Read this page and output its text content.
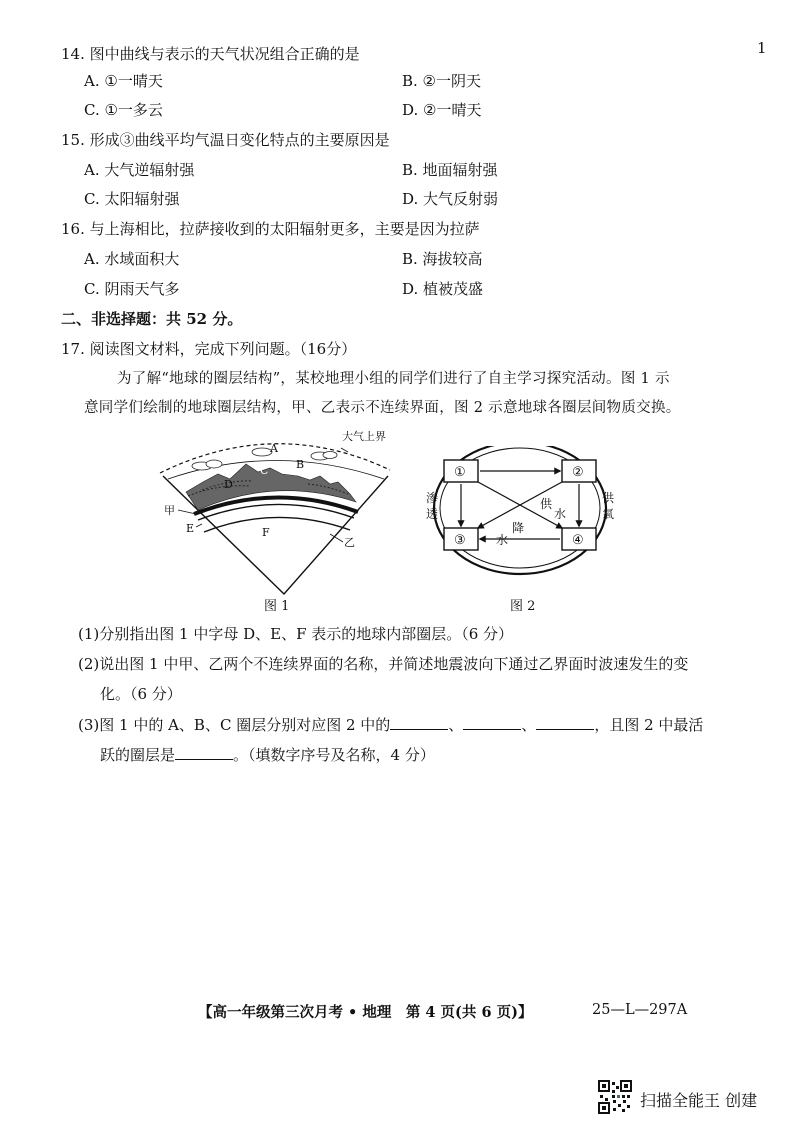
1
14. 图中曲线与表示的天气状况组合正确的是
A. ①一晴天	B. ②一阴天
C. ①一多云	D. ②一晴天
15. 形成③曲线平均气温日变化特点的主要原因是
A. 大气逆辐射强	B. 地面辐射强
C. 太阳辐射强	D. 大气反射弱
16. 与上海相比，拉萨接收到的太阳辐射更多，主要是因为拉萨
A. 水域面积大	B. 海拔较高
C. 阴雨天气多	D. 植被茂盛
二、非选择题：共 52 分。
17. 阅读图文材料，完成下列问题。（16分）
为了解“地球的圈层结构”，某校地理小组的同学们进行了自主学习探究活动。图 1 示
意同学们绘制的地球圈层结构，甲、乙表示不连续界面，图 2 示意地球各圈层间物质交换。
大气上界
A
B
C
D
甲
E	F
乙
图 1
①	②
③	④
渗
透
供
氧
供
水
降
水
图 2
(1)分别指出图 1 中字母 D、E、F 表示的地球内部圈层。（6 分）
(2)说出图 1 中甲、乙两个不连续界面的名称，并简述地震波向下通过乙界面时波速发生的变
化。（6 分）
(3)图 1 中的 A、B、C 圈层分别对应图 2 中的	、	、	，且图 2 中最活
跃的圈层是	。（填数字序号及名称，4 分）
【高一年级第三次月考 • 地理　第 4 页(共 6 页)】	25—L—297A
扫描全能王 创建
